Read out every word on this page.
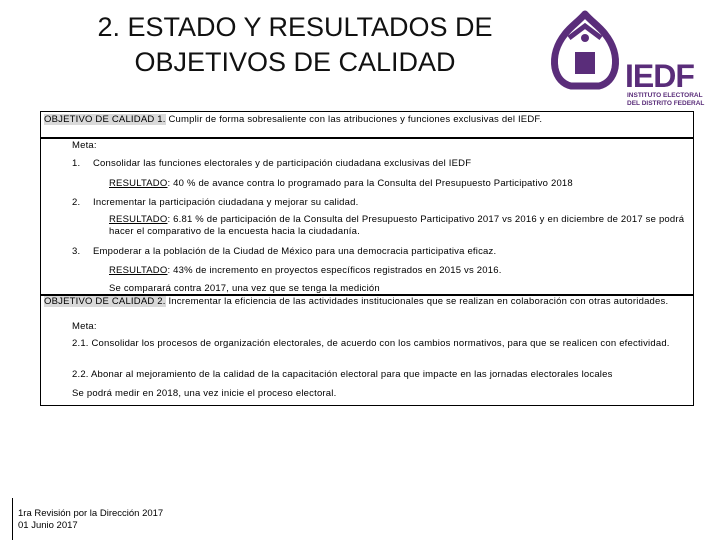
2. ESTADO Y RESULTADOS DE
OBJETIVOS DE CALIDAD	IEDF
INSTITUTO ELECTORAL
DEL DISTRITO FEDERAL
OBJETIVO DE CALIDAD 1. Cumplir de forma sobresaliente con las atribuciones y funciones exclusivas del IEDF.
Meta:
1. Consolidar las funciones electorales y de participación ciudadana exclusivas del IEDF
RESULTADO: 40 % de avance contra lo programado para la Consulta del Presupuesto Participativo 2018
2. Incrementar la participación ciudadana y mejorar su calidad.
RESULTADO: 6.81 % de participación de la Consulta del Presupuesto Participativo 2017 vs 2016 y en diciembre de 2017 se podrá hacer el comparativo de la encuesta hacia la ciudadanía.
3. Empoderar a la población de la Ciudad de México para una democracia participativa eficaz.
RESULTADO: 43% de incremento en proyectos específicos registrados en 2015 vs 2016.
Se comparará contra 2017, una vez que se tenga la medición
OBJETIVO DE CALIDAD 2. Incrementar la eficiencia de las actividades institucionales que se realizan en colaboración con otras autoridades.
Meta:
2.1. Consolidar los procesos de organización electorales, de acuerdo con los cambios normativos, para que se realicen con efectividad.
2.2. Abonar al mejoramiento de la calidad de la capacitación electoral para que impacte en las jornadas electorales locales
Se podrá medir en 2018, una vez inicie el proceso electoral.
1ra Revisión por la Dirección 2017
01 Junio 2017
